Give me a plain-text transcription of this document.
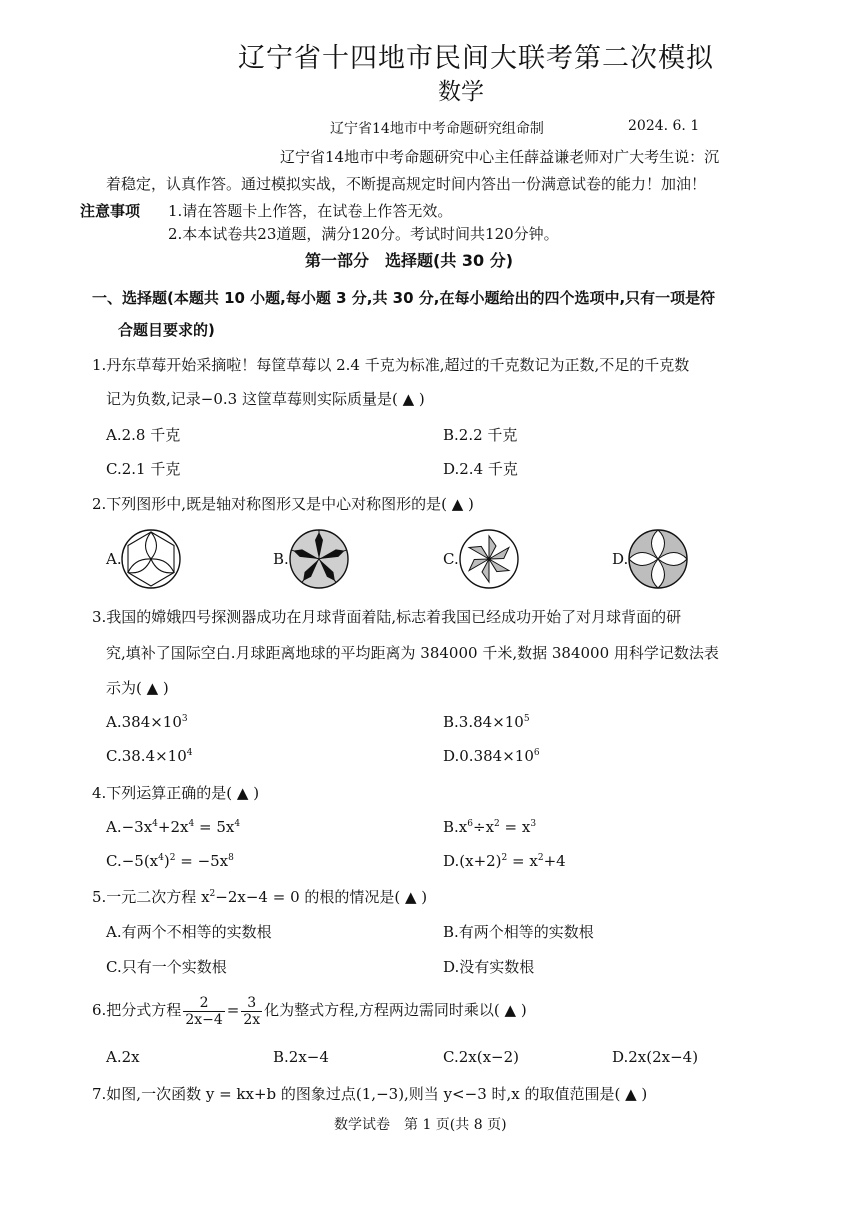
辽宁省十四地市民间大联考第二次模拟
数学
辽宁省14地市中考命题研究组命制	2024. 6. 1
辽宁省14地市中考命题研究中心主任薛益谦老师对广大考生说：沉
着稳定，认真作答。通过模拟实战，不断提高规定时间内答出一份满意试卷的能力！加油！
注意事项 1.请在答题卡上作答，在试卷上作答无效。
2.本本试卷共23道题，满分120分。考试时间共120分钟。
第一部分　选择题(共 30 分)
一、选择题(本题共 10 小题,每小题 3 分,共 30 分,在每小题给出的四个选项中,只有一项是符
合题目要求的)
1.丹东草莓开始采摘啦！每筐草莓以 2.4 千克为标准,超过的千克数记为正数,不足的千克数
记为负数,记录−0.3 这筐草莓则实际质量是( ▲ )
A.2.8 千克	B.2.2 千克
C.2.1 千克	D.2.4 千克
2.下列图形中,既是轴对称图形又是中心对称图形的是( ▲ )
A.	B.	C.	D.
3.我国的嫦娥四号探测器成功在月球背面着陆,标志着我国已经成功开始了对月球背面的研
究,填补了国际空白.月球距离地球的平均距离为 384000 千米,数据 384000 用科学记数法表
示为( ▲ )
$A.384\times 10^3$	$B.3.84\times 10^5$
$C.38.4\times 10^4$	$D.0.384\times 10^6$
4.下列运算正确的是( ▲ )
$A.-3x^4+2x^4 = 5x^4$	$B.x^6\div x^2 = x^3$
$C.-5(x^4)^2 = -5x^8$	$D.(x+2)^2 = x^2+4$
5.一元二次方程 $x^2-2x-4 = 0$ 的根的情况是( ▲ )
A.有两个不相等的实数根	B.有两个相等的实数根
C.只有一个实数根	D.没有实数根
6.把分式方程 $\frac{2}{2x-4} = \frac{3}{2x}$ 化为整式方程,方程两边需同时乘以( ▲ )
A.2x	B.2x−4	C.2x(x−2)	D.2x(2x−4)
7.如图,一次函数 y = kx+b 的图象过点(1,−3),则当 y<−3 时,x 的取值范围是( ▲ )
数学试卷　第 1 页(共 8 页)
